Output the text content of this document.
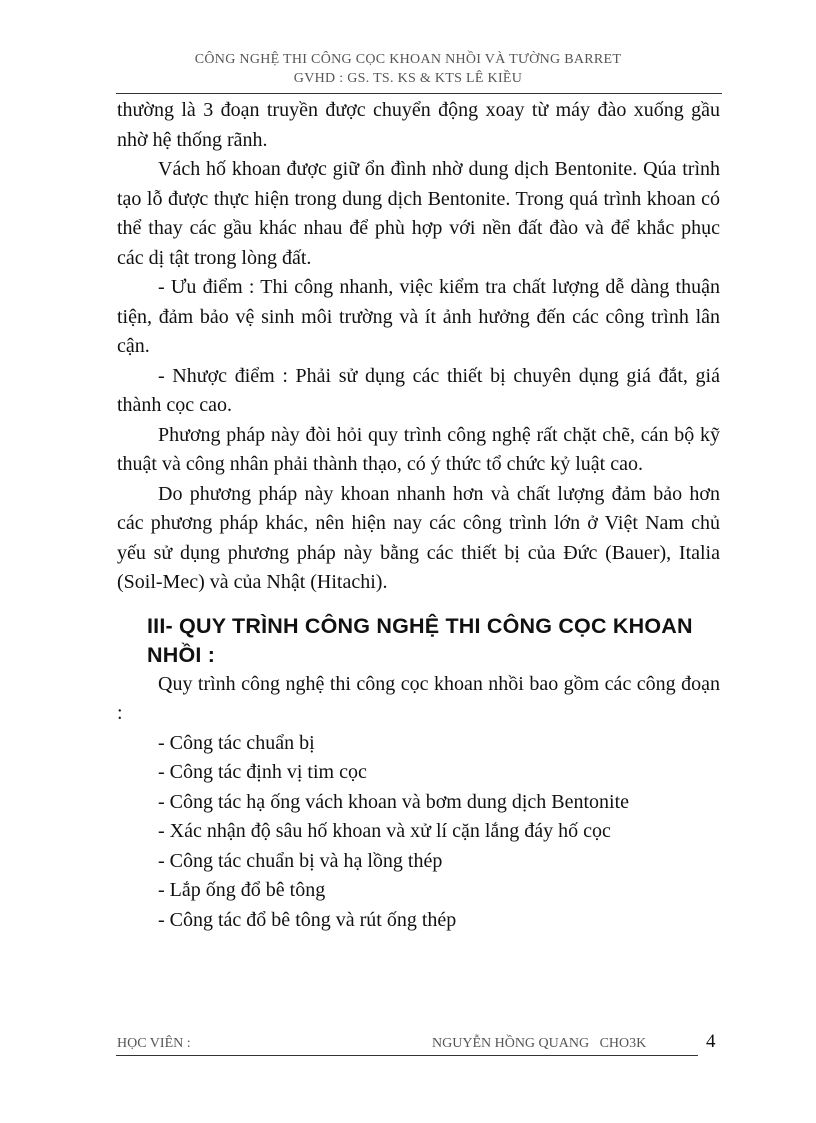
CÔNG NGHỆ THI CÔNG CỌC KHOAN NHỒI VÀ TƯỜNG BARRET
GVHD : GS. TS. KS & KTS LÊ KIỀU

thường là 3 đoạn truyền được chuyển động xoay từ máy đào xuống gầu nhờ hệ thống rãnh.

Vách hố khoan được giữ ổn đình nhờ dung dịch Bentonite. Qúa trình tạo lỗ được thực hiện trong dung dịch Bentonite. Trong quá trình khoan có thể thay các gầu khác nhau để phù hợp với nền đất đào và để khắc phục các dị tật trong lòng đất.

- Ưu điểm : Thi công nhanh, việc kiểm tra chất lượng dễ dàng thuận tiện, đảm bảo vệ sinh môi trường và ít ảnh hưởng đến các công trình lân cận.

- Nhược điểm : Phải sử dụng các thiết bị chuyên dụng giá đắt, giá thành cọc cao.

Phương pháp này đòi hỏi quy trình công nghệ rất chặt chẽ, cán bộ kỹ thuật và công nhân phải thành thạo, có ý thức tổ chức kỷ luật cao.

Do phương pháp này khoan nhanh hơn và chất lượng đảm bảo hơn các phương pháp khác, nên hiện nay các công trình lớn ở Việt Nam chủ yếu sử dụng phương pháp này bằng các thiết bị của Đức (Bauer), Italia (Soil-Mec) và của Nhật (Hitachi).

III- QUY TRÌNH CÔNG NGHỆ THI CÔNG CỌC KHOAN NHỒI :

Quy trình công nghệ thi công cọc khoan nhồi bao gồm các công đoạn :

- Công tác chuẩn bị

- Công tác định vị tim cọc

- Công tác hạ ống vách khoan và bơm dung dịch Bentonite

- Xác nhận độ sâu hố khoan và xử lí cặn lắng đáy hố cọc

- Công tác chuẩn bị và hạ lồng thép

- Lắp ống đổ bê tông

- Công tác đổ bê tông và rút ống thép

HỌC VIÊN :	NGUYỄN HỒNG QUANG   CHO3K	4
